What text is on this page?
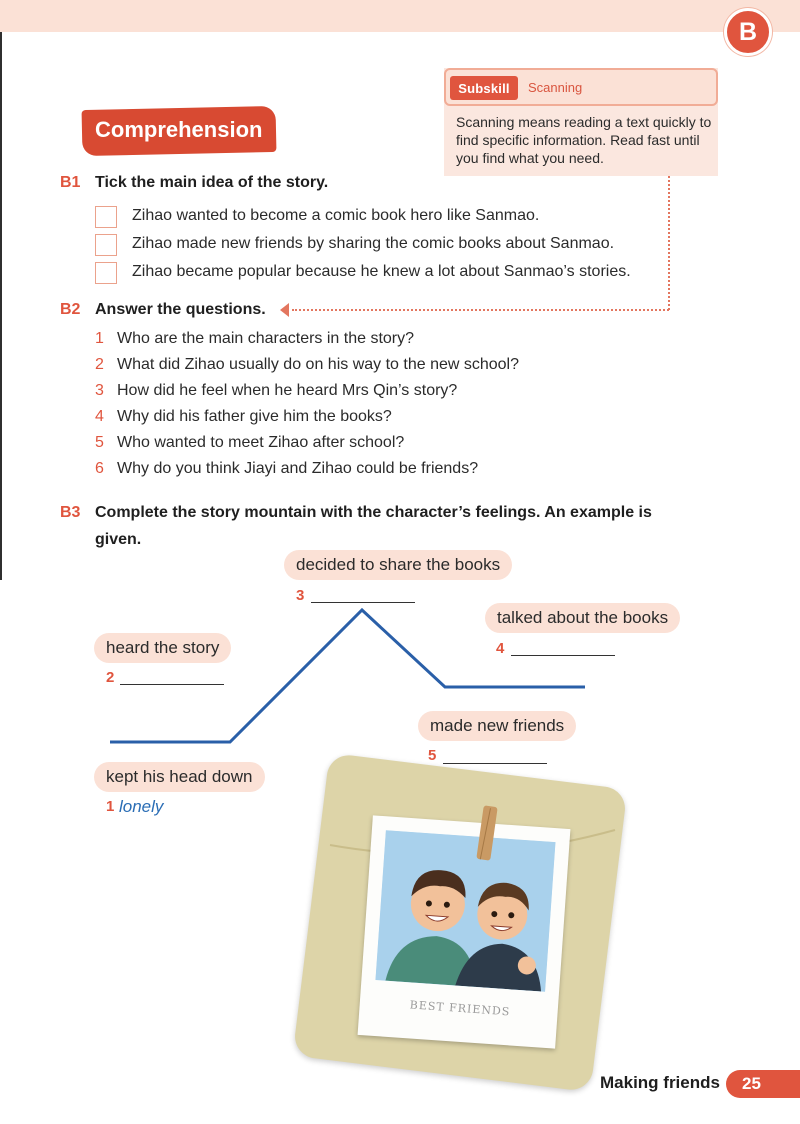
B
Subskill	Scanning
Scanning means reading a text quickly to find specific information. Read fast until you find what you need.
Comprehension
B1 Tick the main idea of the story.
Zihao wanted to become a comic book hero like Sanmao.
Zihao made new friends by sharing the comic books about Sanmao.
Zihao became popular because he knew a lot about Sanmao’s stories.
B2 Answer the questions.
1 Who are the main characters in the story?
2 What did Zihao usually do on his way to the new school?
3 How did he feel when he heard Mrs Qin’s story?
4 Why did his father give him the books?
5 Who wanted to meet Zihao after school?
6 Why do you think Jiayi and Zihao could be friends?
B3 Complete the story mountain with the character’s feelings. An example is
given.
decided to share the books
3
talked about the books
4
heard the story
2
made new friends
5
kept his head down
1 lonely
BEST FRIENDS
Making friends	25
